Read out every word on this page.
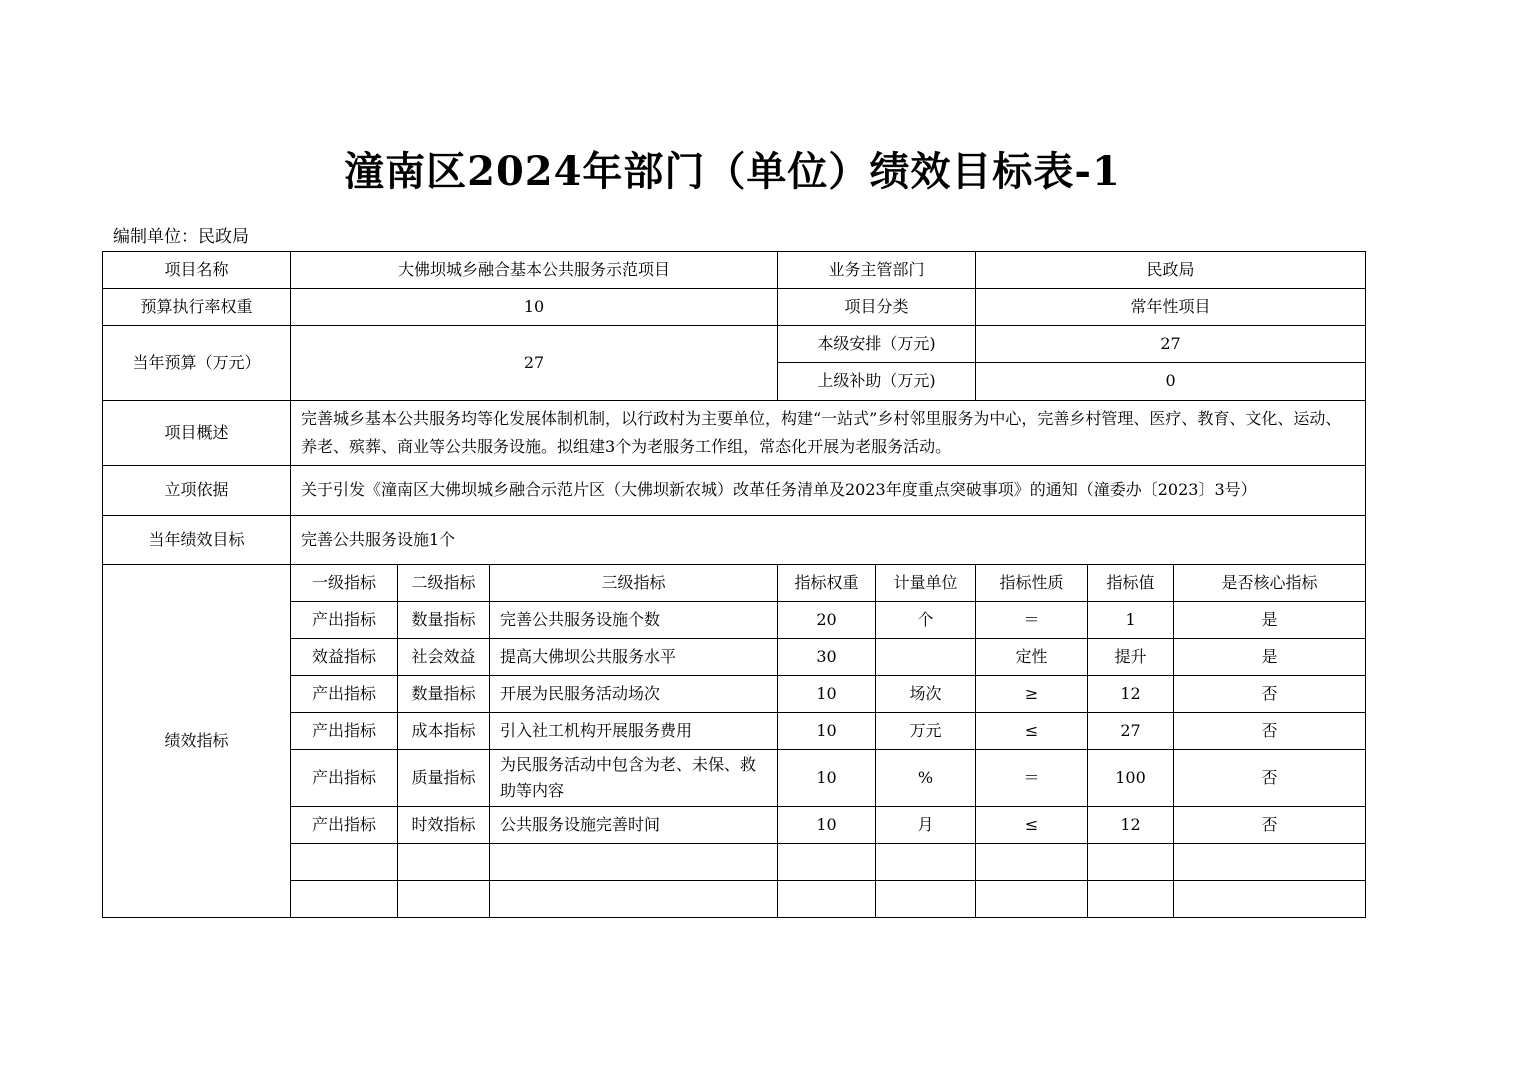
潼南区2024年部门（单位）绩效目标表-1
编制单位：民政局
项目名称	大佛坝城乡融合基本公共服务示范项目			业务主管部门		民政局		
预算执行率权重	10			项目分类		常年性项目		
当年预算（万元）	27			本级安排（万元)		27		
				上级补助（万元)		0		
项目概述	完善城乡基本公共服务均等化发展体制机制，以行政村为主要单位，构建“一站式”乡村邻里服务为中心，完善乡村管理、医疗、教育、文化、运动、养老、殡葬、商业等公共服务设施。拟组建3个为老服务工作组，常态化开展为老服务活动。							
立项依据	关于引发《潼南区大佛坝城乡融合示范片区（大佛坝新农城）改革任务清单及2023年度重点突破事项》的通知（潼委办〔2023〕3号）							
当年绩效目标	完善公共服务设施1个							
绩效指标	一级指标	二级指标	三级指标	指标权重	计量单位	指标性质	指标值	是否核心指标
	产出指标	数量指标	完善公共服务设施个数	20	个	＝	1	是
	效益指标	社会效益	提高大佛坝公共服务水平	30		定性	提升	是
	产出指标	数量指标	开展为民服务活动场次	10	场次	≥	12	否
	产出指标	成本指标	引入社工机构开展服务费用	10	万元	≤	27	否
	产出指标	质量指标	为民服务活动中包含为老、未保、救助等内容	10	%	＝	100	否
	产出指标	时效指标	公共服务设施完善时间	10	月	≤	12	否
